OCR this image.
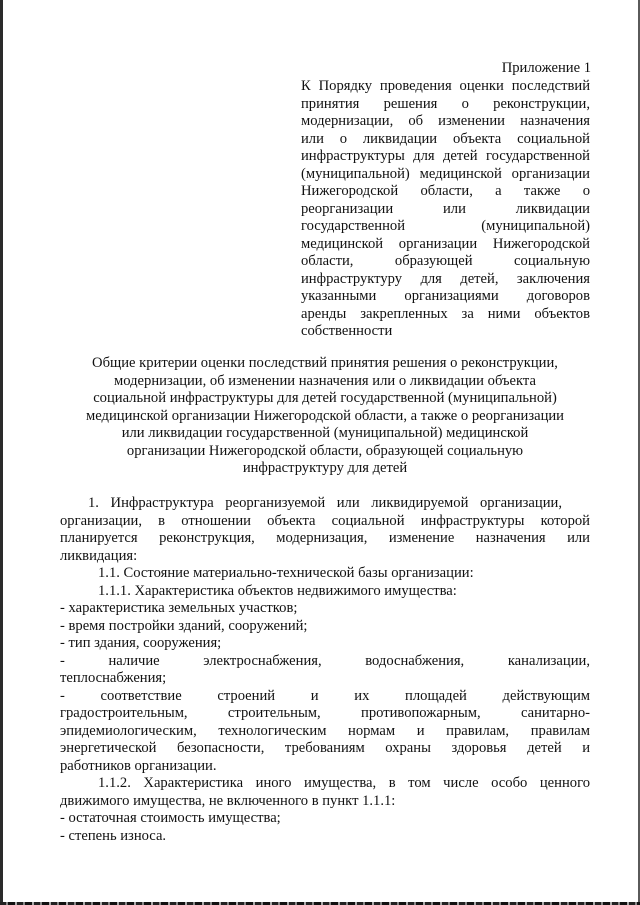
Приложение 1
К Порядку проведения оценки последствий
принятия решения о реконструкции,
модернизации, об изменении назначения
или о ликвидации объекта социальной
инфраструктуры для детей государственной
(муниципальной) медицинской организации
Нижегородской области, а также о
реорганизации или ликвидации
государственной (муниципальной)
медицинской организации Нижегородской
области, образующей социальную
инфраструктуру для детей, заключения
указанными организациями договоров
аренды закрепленных за ними объектов
собственности
Общие критерии оценки последствий принятия решения о реконструкции,
модернизации, об изменении назначения или о ликвидации объекта
социальной инфраструктуры для детей государственной (муниципальной)
медицинской организации Нижегородской области, а также о реорганизации
или ликвидации государственной (муниципальной) медицинской
организации Нижегородской области, образующей социальную
инфраструктуру для детей
1. Инфраструктура реорганизуемой или ликвидируемой организации,
организации, в отношении объекта социальной инфраструктуры которой
планируется реконструкция, модернизация, изменение назначения или
ликвидация:
1.1. Состояние материально-технической базы организации:
1.1.1. Характеристика объектов недвижимого имущества:
- характеристика земельных участков;
- время постройки зданий, сооружений;
- тип здания, сооружения;
- наличие электроснабжения, водоснабжения, канализации,
теплоснабжения;
- соответствие строений и их площадей действующим
градостроительным, строительным, противопожарным, санитарно-
эпидемиологическим, технологическим нормам и правилам, правилам
энергетической безопасности, требованиям охраны здоровья детей и
работников организации.
1.1.2. Характеристика иного имущества, в том числе особо ценного
движимого имущества, не включенного в пункт 1.1.1:
- остаточная стоимость имущества;
- степень износа.
